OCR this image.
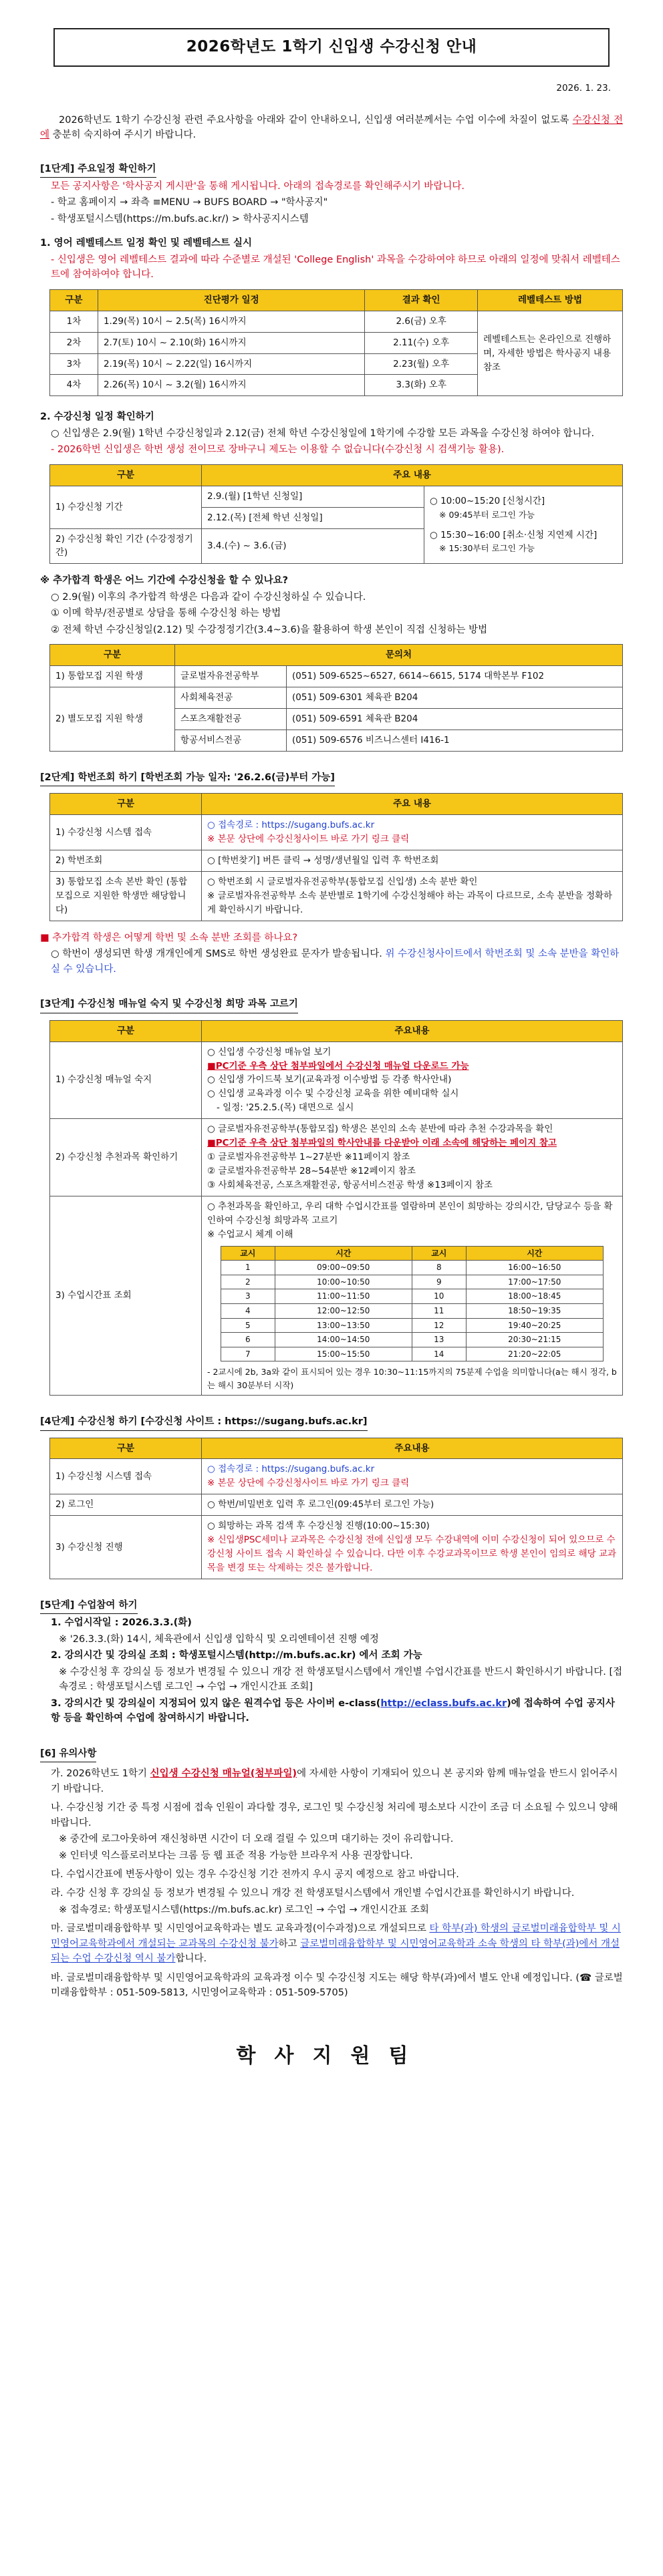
2026학년도 1학기 신입생 수강신청 안내
2026. 1. 23.
2026학년도 1학기 수강신청 관련 주요사항을 아래와 같이 안내하오니, 신입생 여러분께서는 수업 이수에 차질이 없도록 수강신청 전에 충분히 숙지하여 주시기 바랍니다.
[1단계] 주요일정 확인하기
모든 공지사항은 '학사공지 게시판'을 통해 게시됩니다. 아래의 접속경로를 확인해주시기 바랍니다.
- 학교 홈페이지 → 좌측 ≡MENU → BUFS BOARD → "학사공지"
- 학생포털시스템(https://m.bufs.ac.kr/) > 학사공지시스템
1. 영어 레벨테스트 일정 확인 및 레벨테스트 실시
- 신입생은 영어 레벨테스트 결과에 따라 수준별로 개설된 'College English' 과목을 수강하여야 하므로 아래의 일정에 맞춰서 레벨테스트에 참여하여야 합니다.
구분	진단평가 일정	결과 확인	레벨테스트 방법
1차	1.29(목) 10시 ~ 2.5(목) 16시까지	2.6(금) 오후	레벨테스트는 온라인으로 진행하며, 자세한 방법은 학사공지 내용 참조
2차	2.7(토) 10시 ~ 2.10(화) 16시까지	2.11(수) 오후	
3차	2.19(목) 10시 ~ 2.22(일) 16시까지	2.23(월) 오후	
4차	2.26(목) 10시 ~ 3.2(월) 16시까지	3.3(화) 오후	
2. 수강신청 일정 확인하기
○ 신입생은 2.9(월) 1학년 수강신청일과 2.12(금) 전체 학년 수강신청일에 1학기에 수강할 모든 과목을 수강신청 하여야 합니다.
- 2026학번 신입생은 학번 생성 전이므로 장바구니 제도는 이용할 수 없습니다(수강신청 시 검색기능 활용).
구분	주요 내용	
1) 수강신청 기간	2.9.(월) [1학년 신청일]	○ 10:00~15:20 [신청시간]
※ 09:45부터 로그인 가능
○ 15:30~16:00 [취소·신청 지연제 시간]
※ 15:30부터 로그인 가능

	2.12.(목) [전체 학년 신청일]	
2) 수강신청 확인 기간 (수강정정기간)	3.4.(수) ~ 3.6.(금)	
※ 추가합격 학생은 어느 기간에 수강신청을 할 수 있나요?
○ 2.9(월) 이후의 추가합격 학생은 다음과 같이 수강신청하실 수 있습니다.
① 이메 학부/전공별로 상담을 통해 수강신청 하는 방법
② 전체 학년 수강신청일(2.12) 및 수강정정기간(3.4~3.6)을 활용하여 학생 본인이 직접 신청하는 방법
구분	문의처	
1) 통합모집 지원 학생	글로벌자유전공학부	(051) 509-6525~6527, 6614~6615, 5174 대학본부 F102
2) 별도모집 지원 학생	사회체육전공	(051) 509-6301 체육관 B204
	스포츠재활전공	(051) 509-6591 체육관 B204
	항공서비스전공	(051) 509-6576 비즈니스센터 I416-1
[2단계] 학번조회 하기 [학번조회 가능 일자: '26.2.6(금)부터 가능]
구분	주요 내용
1) 수강신청 시스템 접속	○ 접속경로 : https://sugang.bufs.ac.kr
※ 본문 상단에 수강신청사이트 바로 가기 링크 클릭

2) 학번조회	○ [학번찾기] 버튼 클릭 → 성명/생년월일 입력 후 학번조회
3) 통합모집 소속 본반 확인 (통합모집으로 지원한 학생만 해당합니다)	○ 학번조회 시 글로벌자유전공학부(통합모집 신입생) 소속 분반 확인
※ 글로벌자유전공학부 소속 분반별로 1학기에 수강신청해야 하는 과목이 다르므로, 소속 분반을 정확하게 확인하시기 바랍니다.
■ 추가합격 학생은 어떻게 학번 및 소속 분반 조회를 하나요?
○ 학번이 생성되면 학생 개개인에게 SMS로 학번 생성완료 문자가 발송됩니다. 위 수강신청사이트에서 학번조회 및 소속 분반을 확인하실 수 있습니다.
[3단계] 수강신청 매뉴얼 숙지 및 수강신청 희망 과목 고르기
구분	주요내용
1) 수강신청 매뉴얼 숙지	
○ 신입생 수강신청 매뉴얼 보기
■PC기준 우측 상단 첨부파일에서 수강신청 매뉴얼 다운로드 가능
○ 신입생 가이드북 보기(교육과정 이수방법 등 각종 학사안내)
○ 신입생 교육과정 이수 및 수강신청 교육을 위한 예비대학 실시
- 일정: '25.2.5.(목) 대면으로 실시

2) 수강신청 추천과목 확인하기	
○ 글로벌자유전공학부(통합모집) 학생은 본인의 소속 분반에 따라 추천 수강과목을 확인
■PC기준 우측 상단 첨부파일의 학사안내를 다운받아 이래 소속에 해당하는 페이지 참고
① 글로벌자유전공학부 1~27분반 ※11페이지 참조
② 글로벌자유전공학부 28~54분반 ※12페이지 참조
③ 사회체육전공, 스포츠재활전공, 항공서비스전공 학생 ※13페이지 참조

3) 수업시간표 조회	
○ 추천과목을 확인하고, 우리 대학 수업시간표를 열람하며 본인이 희망하는 강의시간, 담당교수 등을 확인하여 수강신청 희망과목 고르기
※ 수업교시 체계 이해
교시	시간	교시	시간
1	09:00~09:50	8	16:00~16:50
2	10:00~10:50	9	17:00~17:50
3	11:00~11:50	10	18:00~18:45
4	12:00~12:50	11	18:50~19:35
5	13:00~13:50	12	19:40~20:25
6	14:00~14:50	13	20:30~21:15
7	15:00~15:50	14	21:20~22:05
- 2교시에 2b, 3a와 같이 표시되어 있는 경우 10:30~11:15까지의 75분제 수업을 의미합니다(a는 해시 정각, b는 해시 30분부터 시작)
[4단계] 수강신청 하기 [수강신청 사이트 : https://sugang.bufs.ac.kr]
구분	주요내용
1) 수강신청 시스템 접속	○ 접속경로 : https://sugang.bufs.ac.kr
※ 본문 상단에 수강신청사이트 바로 가기 링크 클릭

2) 로그인	○ 학번/비밀번호 입력 후 로그인(09:45부터 로그인 가능)
3) 수강신청 진행	○ 희망하는 과목 검색 후 수강신청 진행(10:00~15:30)
※ 신입생PSC세미나 교과목은 수강신청 전에 신입생 모두 수강내역에 이미 수강신청이 되어 있으므로 수강신청 사이트 접속 시 확인하실 수 있습니다. 다만 이후 수강교과목이므로 학생 본인이 임의로 해당 교과목을 변경 또는 삭제하는 것은 불가합니다.
[5단계] 수업참여 하기
1. 수업시작일 : 2026.3.3.(화)
※ '26.3.3.(화) 14시, 체육관에서 신입생 입학식 및 오리엔테이션 진행 예정
2. 강의시간 및 강의실 조회 : 학생포털시스템(http://m.bufs.ac.kr) 에서 조회 가능
※ 수강신청 후 강의실 등 정보가 변경될 수 있으니 개강 전 학생포털시스템에서 개인별 수업시간표를 반드시 확인하시기 바랍니다. [접속경로 : 학생포털시스템 로그인 → 수업 → 개인시간표 조회]
3. 강의시간 및 강의실이 지정되어 있지 않은 원격수업 등은 사이버 e-class(http://eclass.bufs.ac.kr)에 접속하여 수업 공지사항 등을 확인하여 수업에 참여하시기 바랍니다.
[6] 유의사항
가. 2026학년도 1학기 신입생 수강신청 매뉴얼(첨부파일)에 자세한 사항이 기재되어 있으니 본 공지와 함께 매뉴얼을 반드시 읽어주시기 바랍니다.
나. 수강신청 기간 중 특정 시점에 접속 인원이 과다할 경우, 로그인 및 수강신청 처리에 평소보다 시간이 조금 더 소요될 수 있으니 양해 바랍니다.
※ 중간에 로그아웃하여 재신청하면 시간이 더 오래 걸릴 수 있으며 대기하는 것이 유리합니다.
※ 인터넷 익스플로러보다는 크롬 등 웹 표준 적용 가능한 브라우저 사용 권장합니다.
다. 수업시간표에 변동사항이 있는 경우 수강신청 기간 전까지 우시 공지 예정으로 참고 바랍니다.
라. 수강 신청 후 강의실 등 정보가 변경될 수 있으니 개강 전 학생포털시스템에서 개인별 수업시간표를 확인하시기 바랍니다.
※ 접속경로: 학생포털시스템(https://m.bufs.ac.kr) 로그인 → 수업 → 개인시간표 조회
마. 글로벌미래융합학부 및 시민영어교육학과는 별도 교육과정(이수과정)으로 개설되므로 타 학부(과) 학생의 글로벌미래융합학부 및 시민영어교육학과에서 개설되는 교과목의 수강신청 불가하고 글로벌미래융합학부 및 시민영어교육학과 소속 학생의 타 학부(과)에서 개설되는 수업 수강신청 역시 불가합니다.
바. 글로벌미래융합학부 및 시민영어교육학과의 교육과정 이수 및 수강신청 지도는 해당 학부(과)에서 별도 안내 예정입니다. (☎ 글로벌미래융합학부 : 051-509-5813, 시민영어교육학과 : 051-509-5705)
학사지원팀
